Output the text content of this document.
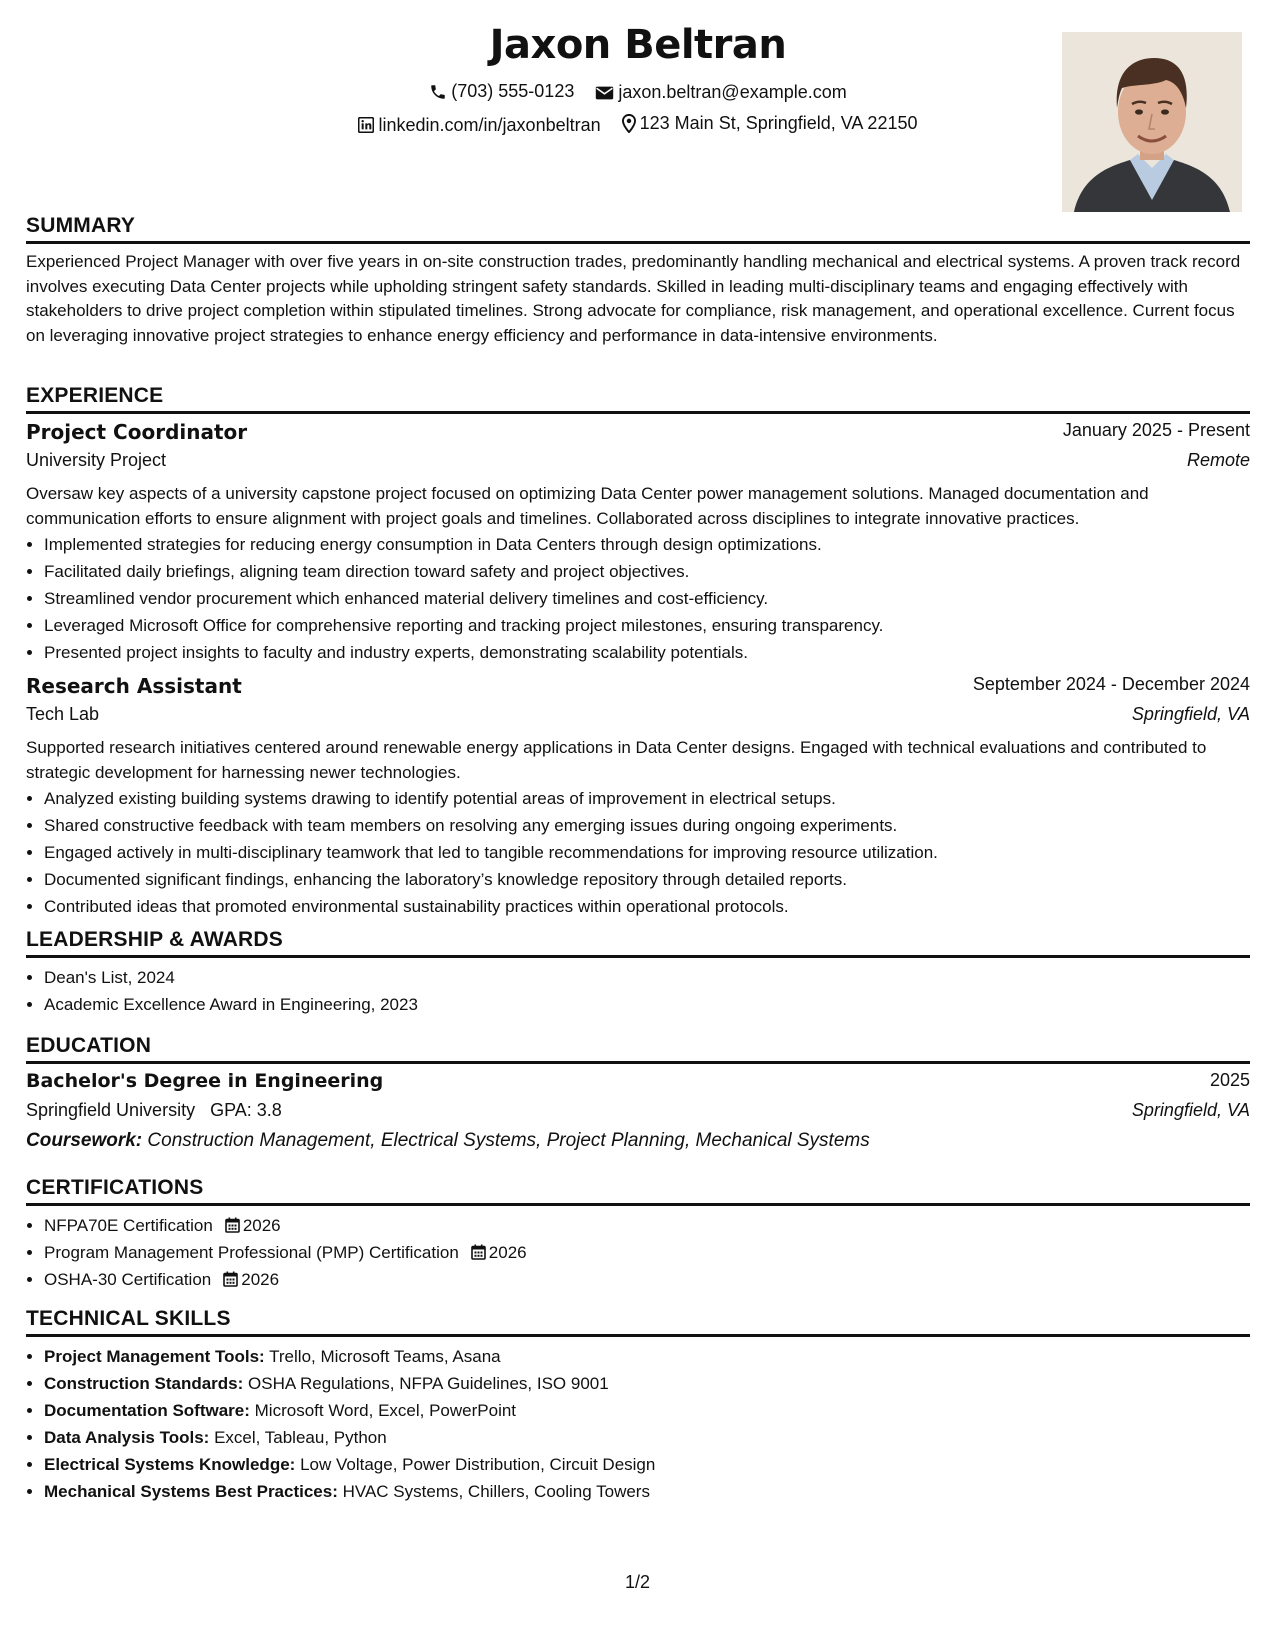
Jaxon Beltran
(703) 555-0123
jaxon.beltran@example.com
linkedin.com/in/jaxonbeltran
123 Main St, Springfield, VA 22150
SUMMARY

Experienced Project Manager with over five years in on-site construction trades, predominantly handling mechanical and electrical systems. A proven track record involves executing Data Center projects while upholding stringent safety standards. Skilled in leading multi-disciplinary teams and engaging effectively with stakeholders to drive project completion within stipulated timelines. Strong advocate for compliance, risk management, and operational excellence. Current focus on leveraging innovative project strategies to enhance energy efficiency and performance in data-intensive environments.

EXPERIENCE
Project Coordinator	January 2025 - Present
University Project	Remote

Oversaw key aspects of a university capstone project focused on optimizing Data Center power management solutions. Managed documentation and communication efforts to ensure alignment with project goals and timelines. Collaborated across disciplines to integrate innovative practices.

• Implemented strategies for reducing energy consumption in Data Centers through design optimizations.
• Facilitated daily briefings, aligning team direction toward safety and project objectives.
• Streamlined vendor procurement which enhanced material delivery timelines and cost-efficiency.
• Leveraged Microsoft Office for comprehensive reporting and tracking project milestones, ensuring transparency.
• Presented project insights to faculty and industry experts, demonstrating scalability potentials.
Research Assistant	September 2024 - December 2024
Tech Lab	Springfield, VA

Supported research initiatives centered around renewable energy applications in Data Center designs. Engaged with technical evaluations and contributed to strategic development for harnessing newer technologies.

• Analyzed existing building systems drawing to identify potential areas of improvement in electrical setups.
• Shared constructive feedback with team members on resolving any emerging issues during ongoing experiments.
• Engaged actively in multi-disciplinary teamwork that led to tangible recommendations for improving resource utilization.
• Documented significant findings, enhancing the laboratory’s knowledge repository through detailed reports.
• Contributed ideas that promoted environmental sustainability practices within operational protocols.
LEADERSHIP & AWARDS
• Dean's List, 2024
• Academic Excellence Award in Engineering, 2023
EDUCATION
Bachelor's Degree in Engineering	2025
Springfield University GPA: 3.8	Springfield, VA
Coursework: Construction Management, Electrical Systems, Project Planning, Mechanical Systems
CERTIFICATIONS
• NFPA70E Certification 2026
• Program Management Professional (PMP) Certification 2026
• OSHA-30 Certification 2026
TECHNICAL SKILLS
• Project Management Tools: Trello, Microsoft Teams, Asana
• Construction Standards: OSHA Regulations, NFPA Guidelines, ISO 9001
• Documentation Software: Microsoft Word, Excel, PowerPoint
• Data Analysis Tools: Excel, Tableau, Python
• Electrical Systems Knowledge: Low Voltage, Power Distribution, Circuit Design
• Mechanical Systems Best Practices: HVAC Systems, Chillers, Cooling Towers
1/2
